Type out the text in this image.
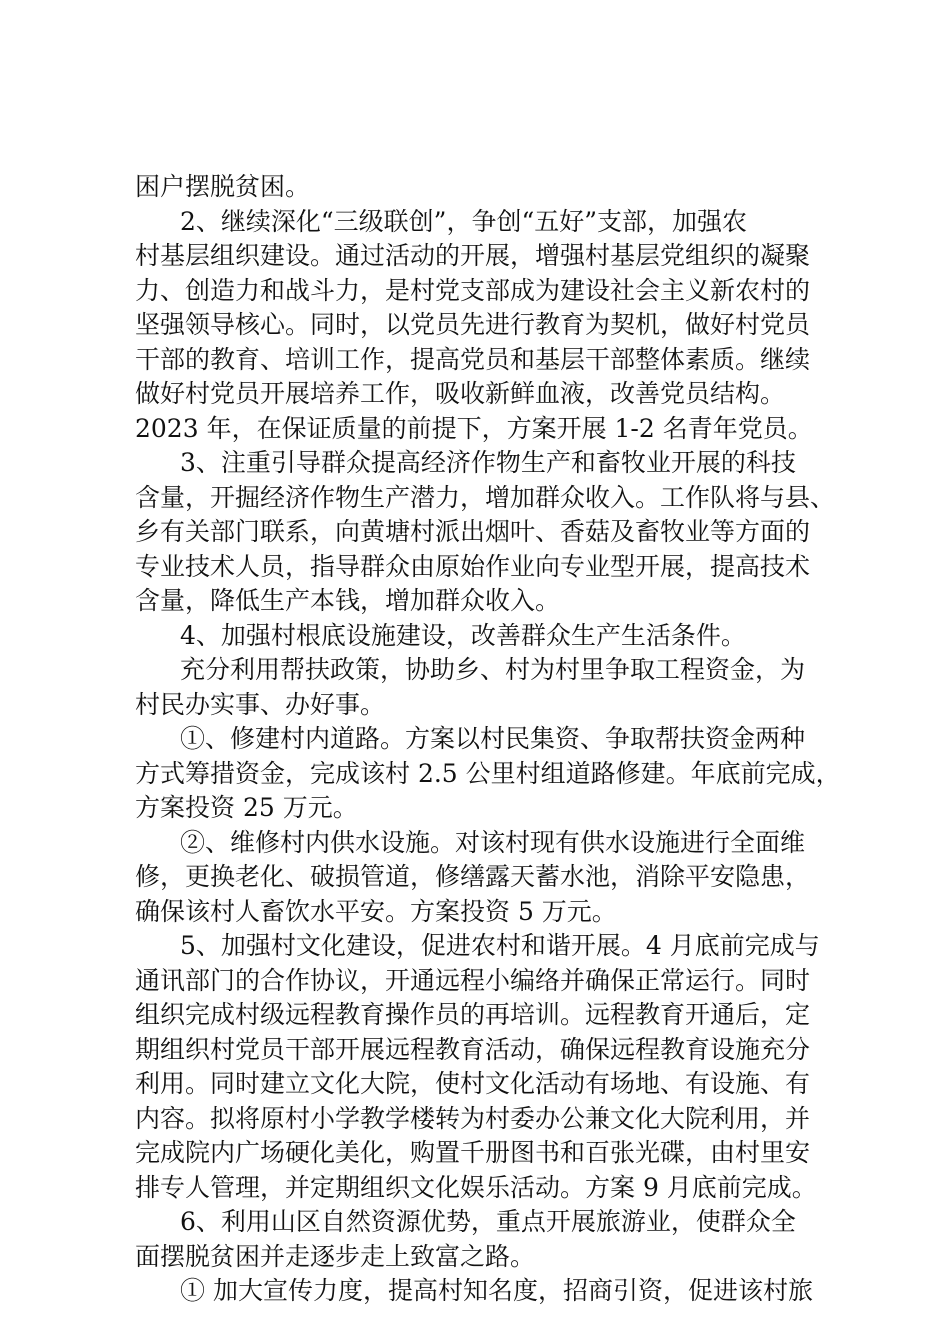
困户摆脱贫困。
2、继续深化“三级联创”，争创“五好”支部，加强农
村基层组织建设。通过活动的开展，增强村基层党组织的凝聚
力、创造力和战斗力，是村党支部成为建设社会主义新农村的
坚强领导核心。同时，以党员先进行教育为契机，做好村党员
干部的教育、培训工作，提高党员和基层干部整体素质。继续
做好村党员开展培养工作，吸收新鲜血液，改善党员结构。
2023 年，在保证质量的前提下，方案开展 1-2 名青年党员。
3、注重引导群众提高经济作物生产和畜牧业开展的科技
含量，开掘经济作物生产潜力，增加群众收入。工作队将与县、
乡有关部门联系，向黄塘村派出烟叶、香菇及畜牧业等方面的
专业技术人员，指导群众由原始作业向专业型开展，提高技术
含量，降低生产本钱，增加群众收入。
4、加强村根底设施建设，改善群众生产生活条件。
充分利用帮扶政策，协助乡、村为村里争取工程资金，为
村民办实事、办好事。
①、修建村内道路。方案以村民集资、争取帮扶资金两种
方式筹措资金，完成该村 2.5 公里村组道路修建。年底前完成，
方案投资 25 万元。
②、维修村内供水设施。对该村现有供水设施进行全面维
修，更换老化、破损管道，修缮露天蓄水池，消除平安隐患，
确保该村人畜饮水平安。方案投资 5 万元。
5、加强村文化建设，促进农村和谐开展。4 月底前完成与
通讯部门的合作协议，开通远程小编络并确保正常运行。同时
组织完成村级远程教育操作员的再培训。远程教育开通后，定
期组织村党员干部开展远程教育活动，确保远程教育设施充分
利用。同时建立文化大院，使村文化活动有场地、有设施、有
内容。拟将原村小学教学楼转为村委办公兼文化大院利用，并
完成院内广场硬化美化，购置千册图书和百张光碟，由村里安
排专人管理，并定期组织文化娱乐活动。方案 9 月底前完成。
6、利用山区自然资源优势，重点开展旅游业，使群众全
面摆脱贫困并走逐步走上致富之路。
① 加大宣传力度，提高村知名度，招商引资，促进该村旅
